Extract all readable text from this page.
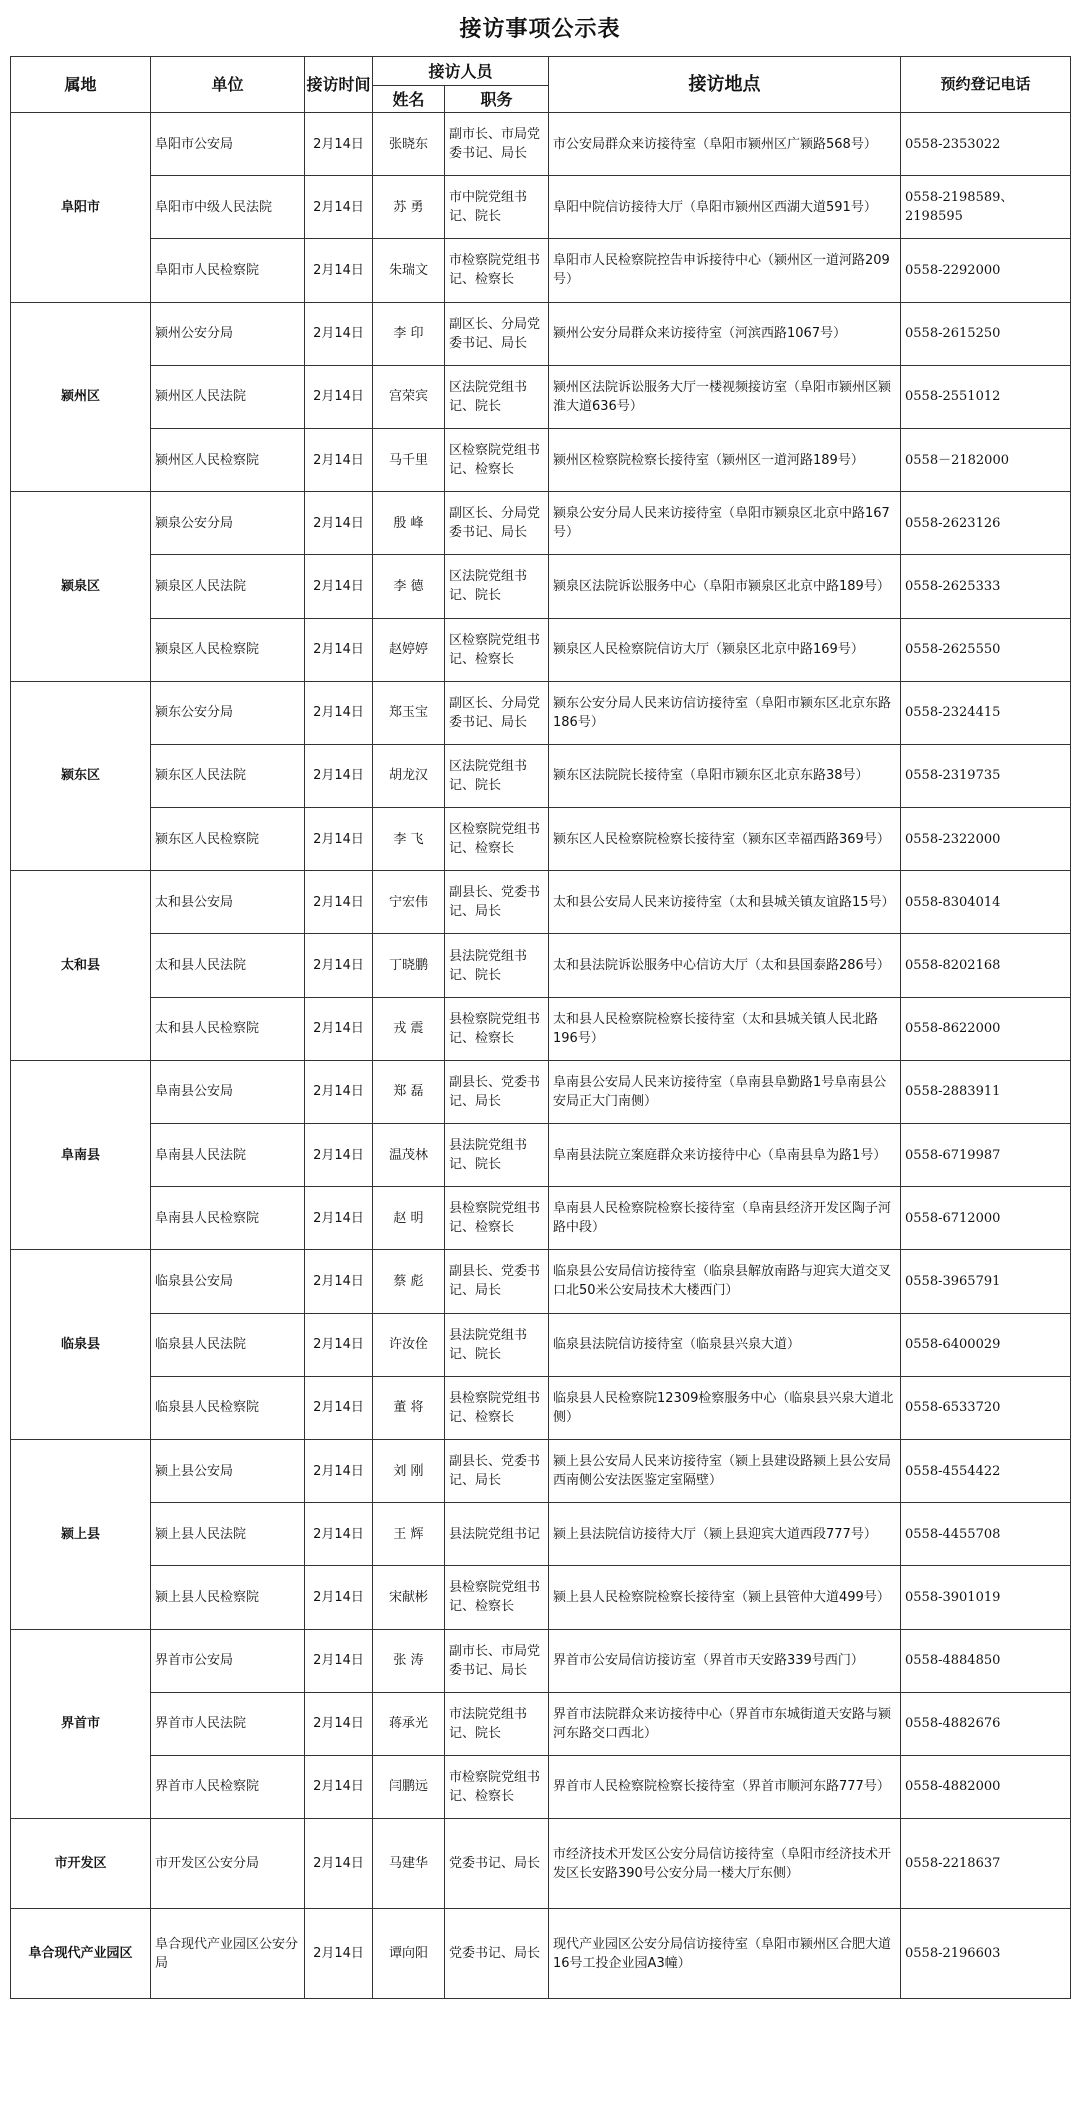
接访事项公示表
属地	单位	接访时间	接访人员		接访地点	预约登记电话
			姓名	职务		
阜阳市	阜阳市公安局	2月14日	张晓东	副市长、市局党委书记、局长	市公安局群众来访接待室（阜阳市颍州区广颍路568号）	0558-2353022
	阜阳市中级人民法院	2月14日	苏 勇	市中院党组书记、院长	阜阳中院信访接待大厅（阜阳市颍州区西湖大道591号）	0558-2198589、2198595
	阜阳市人民检察院	2月14日	朱瑞文	市检察院党组书记、检察长	阜阳市人民检察院控告申诉接待中心（颍州区一道河路209号）	0558-2292000
颍州区	颍州公安分局	2月14日	李 印	副区长、分局党委书记、局长	颍州公安分局群众来访接待室（河滨西路1067号）	0558-2615250
	颍州区人民法院	2月14日	宫荣宾	区法院党组书记、院长	颍州区法院诉讼服务大厅一楼视频接访室（阜阳市颍州区颍淮大道636号）	0558-2551012
	颍州区人民检察院	2月14日	马千里	区检察院党组书记、检察长	颍州区检察院检察长接待室（颍州区一道河路189号）	0558－2182000
颍泉区	颍泉公安分局	2月14日	殷 峰	副区长、分局党委书记、局长	颍泉公安分局人民来访接待室（阜阳市颍泉区北京中路167号）	0558-2623126
	颍泉区人民法院	2月14日	李 德	区法院党组书记、院长	颍泉区法院诉讼服务中心（阜阳市颍泉区北京中路189号）	0558-2625333
	颍泉区人民检察院	2月14日	赵婷婷	区检察院党组书记、检察长	颍泉区人民检察院信访大厅（颍泉区北京中路169号）	0558-2625550
颍东区	颍东公安分局	2月14日	郑玉宝	副区长、分局党委书记、局长	颍东公安分局人民来访信访接待室（阜阳市颍东区北京东路186号）	0558-2324415
	颍东区人民法院	2月14日	胡龙汉	区法院党组书记、院长	颍东区法院院长接待室（阜阳市颍东区北京东路38号）	0558-2319735
	颍东区人民检察院	2月14日	李 飞	区检察院党组书记、检察长	颍东区人民检察院检察长接待室（颍东区幸福西路369号）	0558-2322000
太和县	太和县公安局	2月14日	宁宏伟	副县长、党委书记、局长	太和县公安局人民来访接待室（太和县城关镇友谊路15号）	0558-8304014
	太和县人民法院	2月14日	丁晓鹏	县法院党组书记、院长	太和县法院诉讼服务中心信访大厅（太和县国泰路286号）	0558-8202168
	太和县人民检察院	2月14日	戎 震	县检察院党组书记、检察长	太和县人民检察院检察长接待室（太和县城关镇人民北路196号）	0558-8622000
阜南县	阜南县公安局	2月14日	郑 磊	副县长、党委书记、局长	阜南县公安局人民来访接待室（阜南县阜勤路1号阜南县公安局正大门南侧）	0558-2883911
	阜南县人民法院	2月14日	温茂林	县法院党组书记、院长	阜南县法院立案庭群众来访接待中心（阜南县阜为路1号）	0558-6719987
	阜南县人民检察院	2月14日	赵 明	县检察院党组书记、检察长	阜南县人民检察院检察长接待室（阜南县经济开发区陶子河路中段）	0558-6712000
临泉县	临泉县公安局	2月14日	蔡 彪	副县长、党委书记、局长	临泉县公安局信访接待室（临泉县解放南路与迎宾大道交叉口北50米公安局技术大楼西门）	0558-3965791
	临泉县人民法院	2月14日	许汝佺	县法院党组书记、院长	临泉县法院信访接待室（临泉县兴泉大道）	0558-6400029
	临泉县人民检察院	2月14日	董 将	县检察院党组书记、检察长	临泉县人民检察院12309检察服务中心（临泉县兴泉大道北侧）	0558-6533720
颍上县	颍上县公安局	2月14日	刘 刚	副县长、党委书记、局长	颍上县公安局人民来访接待室（颍上县建设路颍上县公安局西南侧公安法医鉴定室隔壁）	0558-4554422
	颍上县人民法院	2月14日	王 辉	县法院党组书记	颍上县法院信访接待大厅（颍上县迎宾大道西段777号）	0558-4455708
	颍上县人民检察院	2月14日	宋献彬	县检察院党组书记、检察长	颍上县人民检察院检察长接待室（颍上县管仲大道499号）	0558-3901019
界首市	界首市公安局	2月14日	张 涛	副市长、市局党委书记、局长	界首市公安局信访接访室（界首市天安路339号西门）	0558-4884850
	界首市人民法院	2月14日	蒋承光	市法院党组书记、院长	界首市法院群众来访接待中心（界首市东城街道天安路与颍河东路交口西北）	0558-4882676
	界首市人民检察院	2月14日	闫鹏远	市检察院党组书记、检察长	界首市人民检察院检察长接待室（界首市顺河东路777号）	0558-4882000
市开发区	市开发区公安分局	2月14日	马建华	党委书记、局长	市经济技术开发区公安分局信访接待室（阜阳市经济技术开发区长安路390号公安分局一楼大厅东侧）	0558-2218637
阜合现代产业园区	阜合现代产业园区公安分局	2月14日	谭向阳	党委书记、局长	现代产业园区公安分局信访接待室（阜阳市颍州区合肥大道16号工投企业园A3幢）	0558-2196603
